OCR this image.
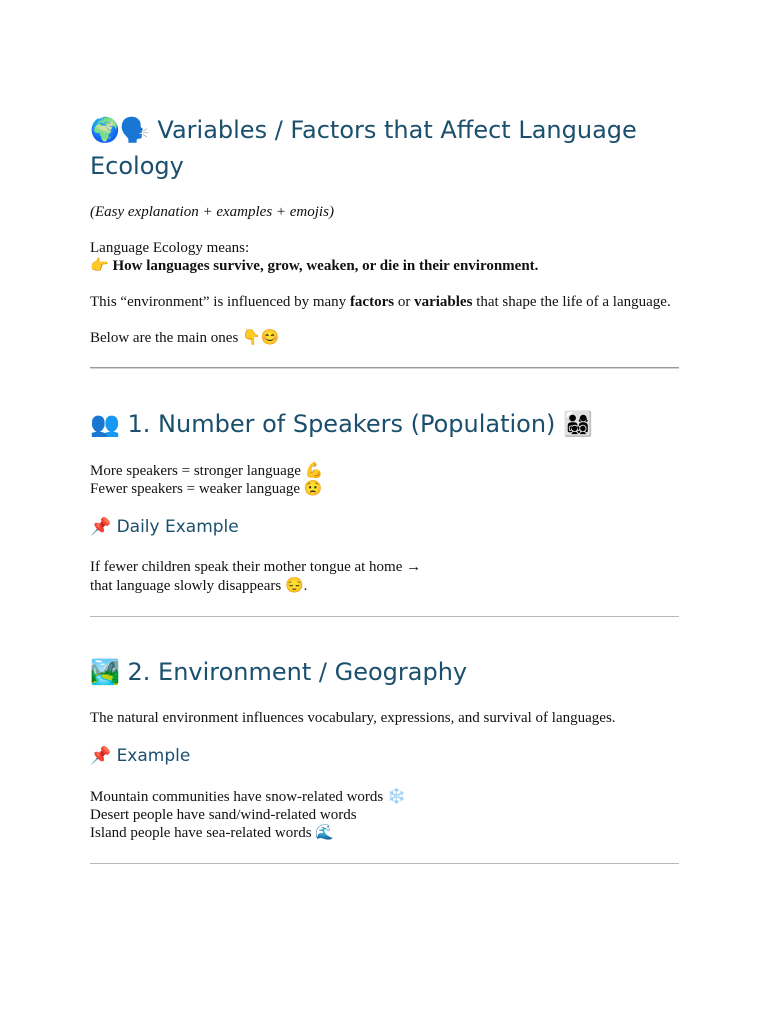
🌍🗣️ Variables / Factors that Affect Language Ecology

(Easy explanation + examples + emojis)

Language Ecology means:

👉 How languages survive, grow, weaken, or die in their environment.

This “environment” is influenced by many factors or variables that shape the life of a language.

Below are the main ones 👇😊

👥 1. Number of Speakers (Population) 👨‍👩‍👧‍👦

More speakers = stronger language 💪

Fewer speakers = weaker language 😟

📌 Daily Example

If fewer children speak their mother tongue at home →

that language slowly disappears 😔.

🏞️ 2. Environment / Geography

The natural environment influences vocabulary, expressions, and survival of languages.

📌 Example

Mountain communities have snow-related words ❄️

Desert people have sand/wind-related words

Island people have sea-related words 🌊
